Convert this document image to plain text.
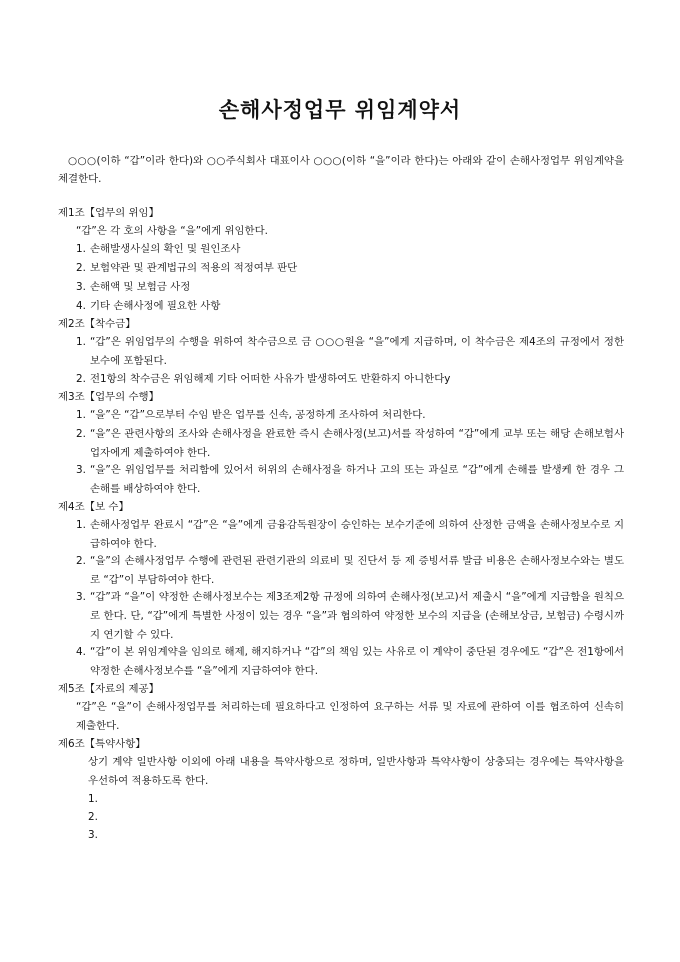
손해사정업무 위임계약서
○○○(이하 “갑”이라 한다)와 ○○주식회사 대표이사 ○○○(이하 “을”이라 한다)는 아래와 같이 손해사정업무 위임계약을 체결한다.
제1조【업무의 위임】
“갑”은 각 호의 사항을 “을”에게 위임한다.
1. 손해발생사실의 확인 및 원인조사
2. 보험약관 및 관계법규의 적용의 적정여부 판단
3. 손해액 및 보험금 사정
4. 기타 손해사정에 필요한 사항
제2조【착수금】
1. “갑”은 위임업무의 수행을 위하여 착수금으로 금 ○○○원을 “을”에게 지급하며, 이 착수금은 제4조의 규정에서 정한 보수에 포함된다.
2. 전1항의 착수금은 위임해제 기타 어떠한 사유가 발생하여도 반환하지 아니한다y
제3조【업무의 수행】
1. “을”은 “갑”으로부터 수임 받은 업무를 신속, 공정하게 조사하여 처리한다.
2. “을”은 관련사항의 조사와 손해사정을 완료한 즉시 손해사정(보고)서를 작성하여 “갑”에게 교부 또는 해당 손해보험사업자에게 제출하여야 한다.
3. “을”은 위임업무를 처리함에 있어서 허위의 손해사정을 하거나 고의 또는 과실로 “갑”에게 손해를 발생케 한 경우 그 손해를 배상하여야 한다.
제4조【보 수】
1. 손해사정업무 완료시 “갑”은 “을”에게 금융감독원장이 승인하는 보수기준에 의하여 산정한 금액을 손해사정보수로 지급하여야 한다.
2. “을”의 손해사정업무 수행에 관련된 관련기관의 의료비 및 진단서 등 제 증빙서류 발급 비용은 손해사정보수와는 별도로 “갑”이 부담하여야 한다.
3. “갑”과 “을”이 약정한 손해사정보수는 제3조제2항 규정에 의하여 손해사정(보고)서 제출시 “을”에게 지급함을 원칙으로 한다. 단, “갑”에게 특별한 사정이 있는 경우 “을”과 협의하여 약정한 보수의 지급을 (손해보상금, 보험금) 수령시까지 연기할 수 있다.
4. “갑”이 본 위임계약을 임의로 해제, 해지하거나 “갑”의 책임 있는 사유로 이 계약이 중단된 경우에도 “갑”은 전1항에서 약정한 손해사정보수를 “을”에게 지급하여야 한다.
제5조【자료의 제공】
“갑”은 “을”이 손해사정업무를 처리하는데 필요하다고 인정하여 요구하는 서류 및 자료에 관하여 이를 협조하여 신속히 제출한다.
제6조【특약사항】
상기 계약 일반사항 이외에 아래 내용을 특약사항으로 정하며, 일반사항과 특약사항이 상충되는 경우에는 특약사항을 우선하여 적용하도록 한다.
1.
2.
3.
